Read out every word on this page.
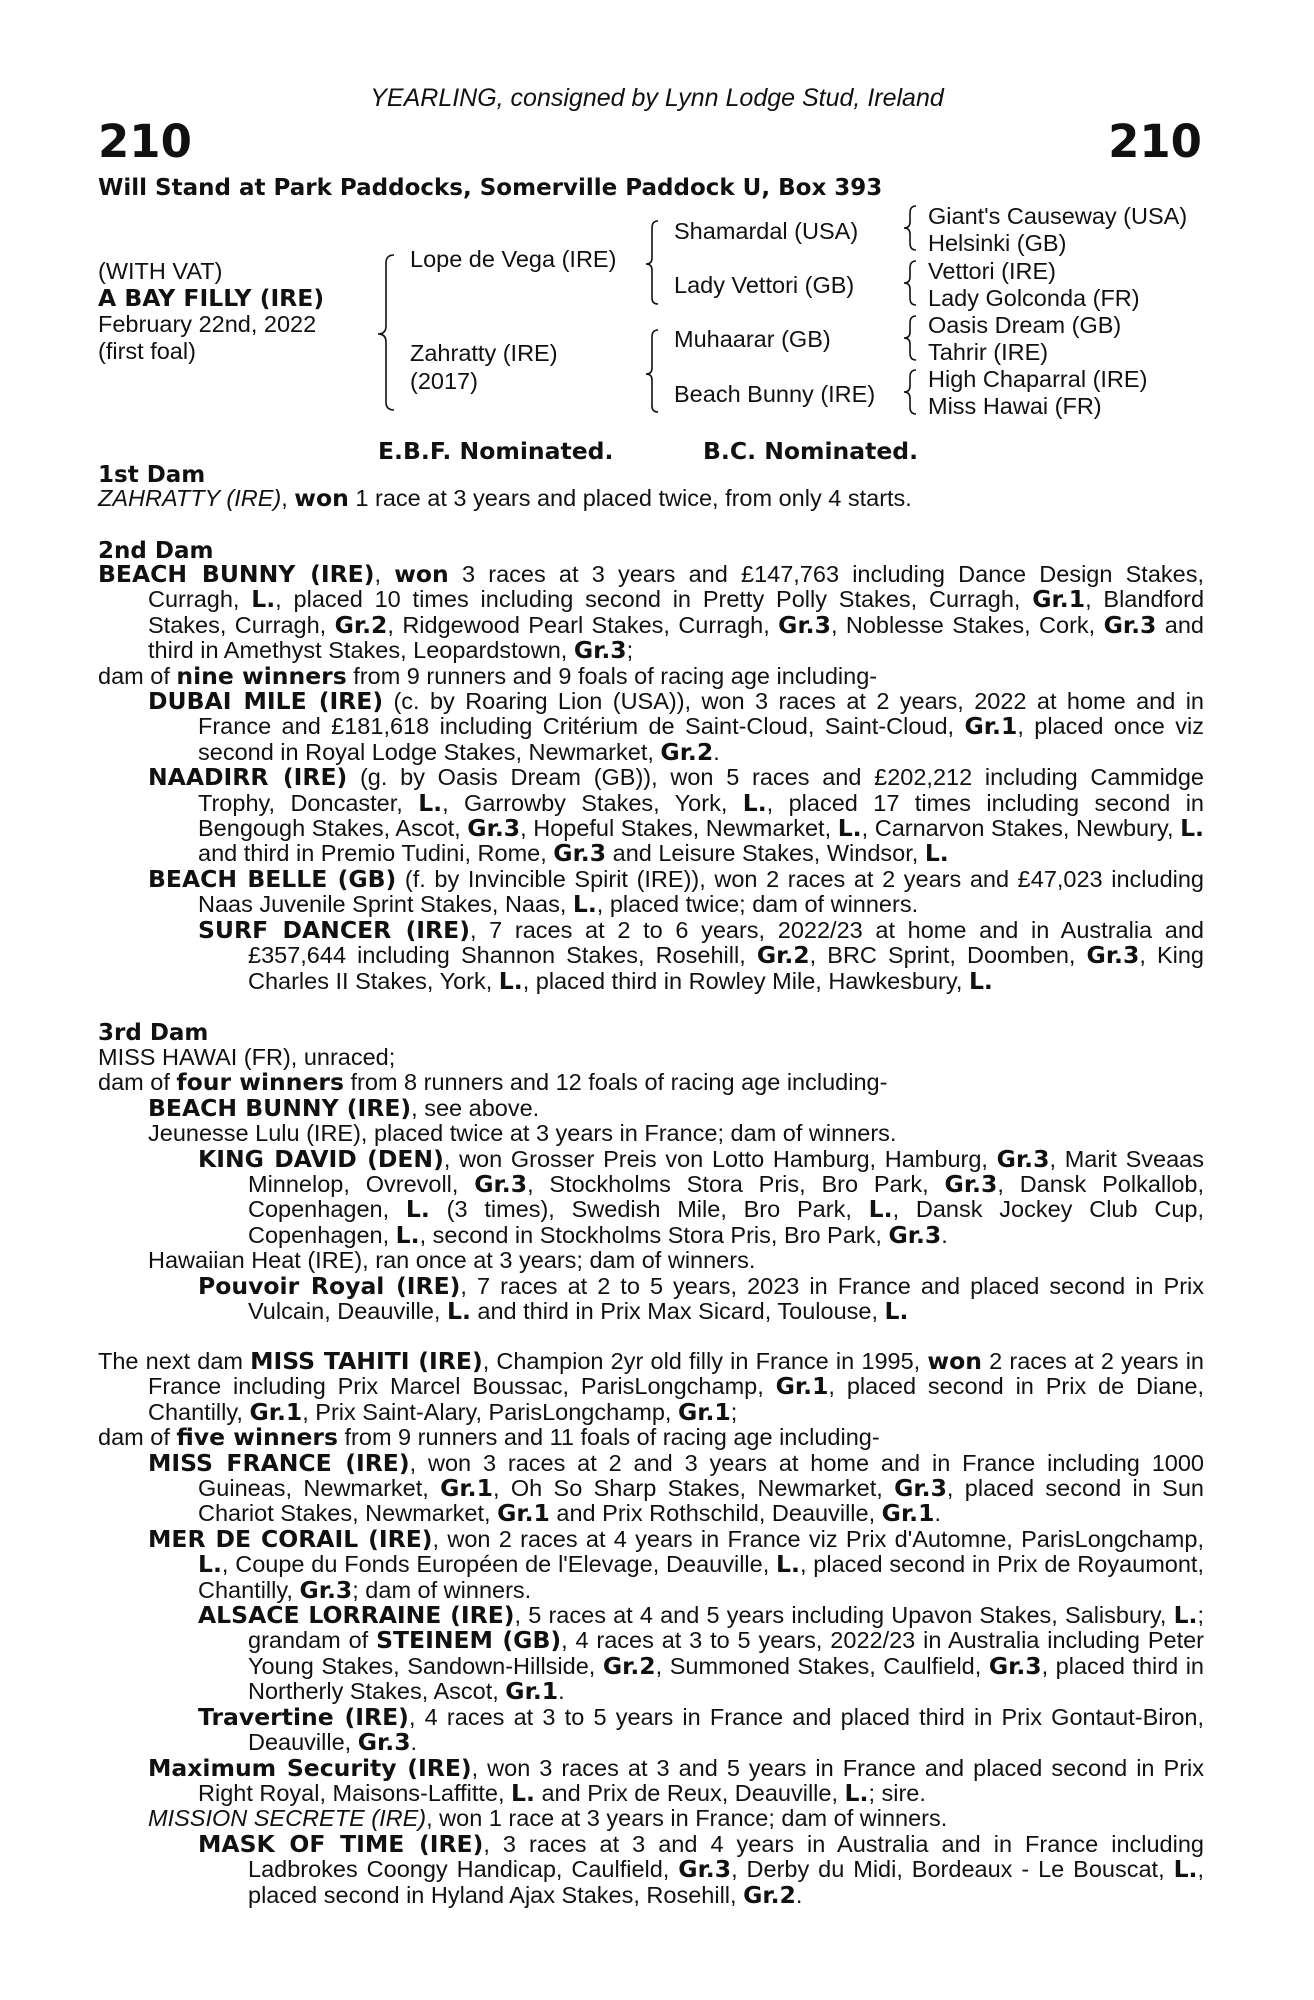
YEARLING, consigned by Lynn Lodge Stud, Ireland
210	210
Will Stand at Park Paddocks, Somerville Paddock U, Box 393
(WITH VAT)
A BAY FILLY (IRE)
February 22nd, 2022
(first foal)
Lope de Vega (IRE)
Zahratty (IRE)
(2017)
Shamardal (USA)
Lady Vettori (GB)
Muhaarar (GB)
Beach Bunny (IRE)
Giant's Causeway (USA)
Helsinki (GB)
Vettori (IRE)
Lady Golconda (FR)
Oasis Dream (GB)
Tahrir (IRE)
High Chaparral (IRE)
Miss Hawai (FR)
E.B.F. Nominated.	B.C. Nominated.
1st Dam

ZAHRATTY (IRE), won 1 race at 3 years and placed twice, from only 4 starts.

2nd Dam

BEACH BUNNY (IRE), won 3 races at 3 years and £147,763 including Dance Design Stakes, Curragh, L., placed 10 times including second in Pretty Polly Stakes, Curragh, Gr.1, Blandford Stakes, Curragh, Gr.2, Ridgewood Pearl Stakes, Curragh, Gr.3, Noblesse Stakes, Cork, Gr.3 and third in Amethyst Stakes, Leopardstown, Gr.3;

dam of nine winners from 9 runners and 9 foals of racing age including-

DUBAI MILE (IRE) (c. by Roaring Lion (USA)), won 3 races at 2 years, 2022 at home and in France and £181,618 including Critérium de Saint-Cloud, Saint-Cloud, Gr.1, placed once viz second in Royal Lodge Stakes, Newmarket, Gr.2.

NAADIRR (IRE) (g. by Oasis Dream (GB)), won 5 races and £202,212 including Cammidge Trophy, Doncaster, L., Garrowby Stakes, York, L., placed 17 times including second in Bengough Stakes, Ascot, Gr.3, Hopeful Stakes, Newmarket, L., Carnarvon Stakes, Newbury, L. and third in Premio Tudini, Rome, Gr.3 and Leisure Stakes, Windsor, L.

BEACH BELLE (GB) (f. by Invincible Spirit (IRE)), won 2 races at 2 years and £47,023 including Naas Juvenile Sprint Stakes, Naas, L., placed twice; dam of winners.

SURF DANCER (IRE), 7 races at 2 to 6 years, 2022/23 at home and in Australia and £357,644 including Shannon Stakes, Rosehill, Gr.2, BRC Sprint, Doomben, Gr.3, King Charles II Stakes, York, L., placed third in Rowley Mile, Hawkesbury, L.

3rd Dam

MISS HAWAI (FR), unraced;

dam of four winners from 8 runners and 12 foals of racing age including-

BEACH BUNNY (IRE), see above.

Jeunesse Lulu (IRE), placed twice at 3 years in France; dam of winners.

KING DAVID (DEN), won Grosser Preis von Lotto Hamburg, Hamburg, Gr.3, Marit Sveaas Minnelop, Ovrevoll, Gr.3, Stockholms Stora Pris, Bro Park, Gr.3, Dansk Polkallob, Copenhagen, L. (3 times), Swedish Mile, Bro Park, L., Dansk Jockey Club Cup, Copenhagen, L., second in Stockholms Stora Pris, Bro Park, Gr.3.

Hawaiian Heat (IRE), ran once at 3 years; dam of winners.

Pouvoir Royal (IRE), 7 races at 2 to 5 years, 2023 in France and placed second in Prix Vulcain, Deauville, L. and third in Prix Max Sicard, Toulouse, L.

The next dam MISS TAHITI (IRE), Champion 2yr old filly in France in 1995, won 2 races at 2 years in France including Prix Marcel Boussac, ParisLongchamp, Gr.1, placed second in Prix de Diane, Chantilly, Gr.1, Prix Saint-Alary, ParisLongchamp, Gr.1;

dam of five winners from 9 runners and 11 foals of racing age including-

MISS FRANCE (IRE), won 3 races at 2 and 3 years at home and in France including 1000 Guineas, Newmarket, Gr.1, Oh So Sharp Stakes, Newmarket, Gr.3, placed second in Sun Chariot Stakes, Newmarket, Gr.1 and Prix Rothschild, Deauville, Gr.1.

MER DE CORAIL (IRE), won 2 races at 4 years in France viz Prix d'Automne, ParisLongchamp, L., Coupe du Fonds Européen de l'Elevage, Deauville, L., placed second in Prix de Royaumont, Chantilly, Gr.3; dam of winners.

ALSACE LORRAINE (IRE), 5 races at 4 and 5 years including Upavon Stakes, Salisbury, L.; grandam of STEINEM (GB), 4 races at 3 to 5 years, 2022/23 in Australia including Peter Young Stakes, Sandown-Hillside, Gr.2, Summoned Stakes, Caulfield, Gr.3, placed third in Northerly Stakes, Ascot, Gr.1.

Travertine (IRE), 4 races at 3 to 5 years in France and placed third in Prix Gontaut-Biron, Deauville, Gr.3.

Maximum Security (IRE), won 3 races at 3 and 5 years in France and placed second in Prix Right Royal, Maisons-Laffitte, L. and Prix de Reux, Deauville, L.; sire.

MISSION SECRETE (IRE), won 1 race at 3 years in France; dam of winners.

MASK OF TIME (IRE), 3 races at 3 and 4 years in Australia and in France including Ladbrokes Coongy Handicap, Caulfield, Gr.3, Derby du Midi, Bordeaux - Le Bouscat, L., placed second in Hyland Ajax Stakes, Rosehill, Gr.2.
